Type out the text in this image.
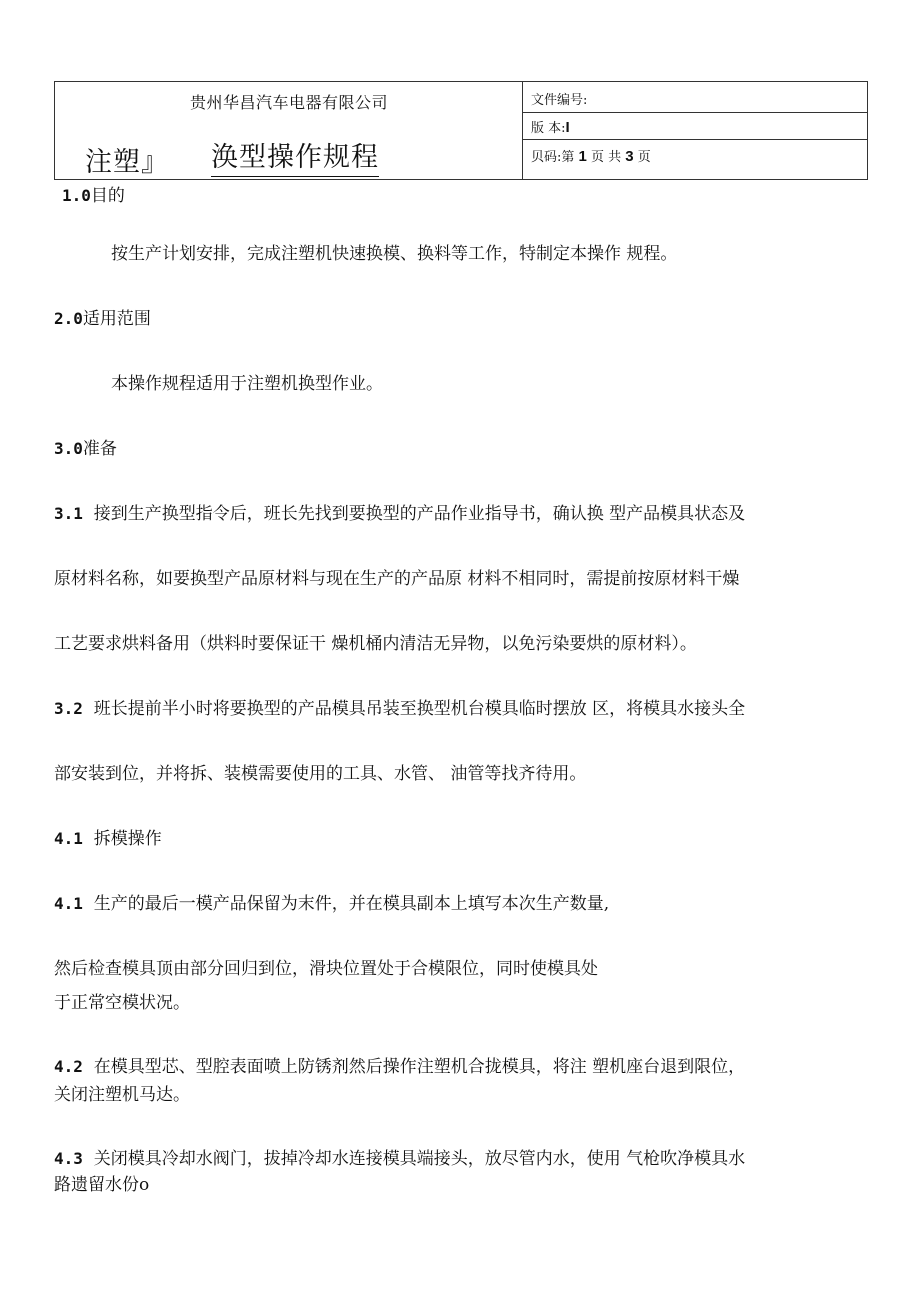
贵州华昌汽车电器有限公司
注塑』 涣型操作规程
文件编号:
版 本:I
贝码:第 1 页 共 3 页
1.0目的
按生产计划安排，完成注塑机快速换模、换料等工作，特制定本操作 规程。
2.0适用范围
本操作规程适用于注塑机换型作业。
3.0准备
3.1 接到生产换型指令后，班长先找到要换型的产品作业指导书，确认换 型产品模具状态及
原材料名称，如要换型产品原材料与现在生产的产品原 材料不相同时，需提前按原材料干燥
工艺要求烘料备用（烘料时要保证干 燥机桶内清洁无异物，以免污染要烘的原材料）。
3.2 班长提前半小时将要换型的产品模具吊装至换型机台模具临时摆放 区，将模具水接头全
部安装到位，并将拆、装模需要使用的工具、水管、 油管等找齐待用。
4.1 拆模操作
4.1 生产的最后一模产品保留为末件，并在模具副本上填写本次生产数量,
然后检查模具顶由部分回归到位，滑块位置处于合模限位，同时使模具处
于正常空模状况。
4.2 在模具型芯、型腔表面喷上防锈剂然后操作注塑机合拢模具，将注 塑机座台退到限位，
关闭注塑机马达。
4.3 关闭模具冷却水阀门，拔掉冷却水连接模具端接头，放尽管内水，使用 气枪吹净模具水
路遗留水份o
